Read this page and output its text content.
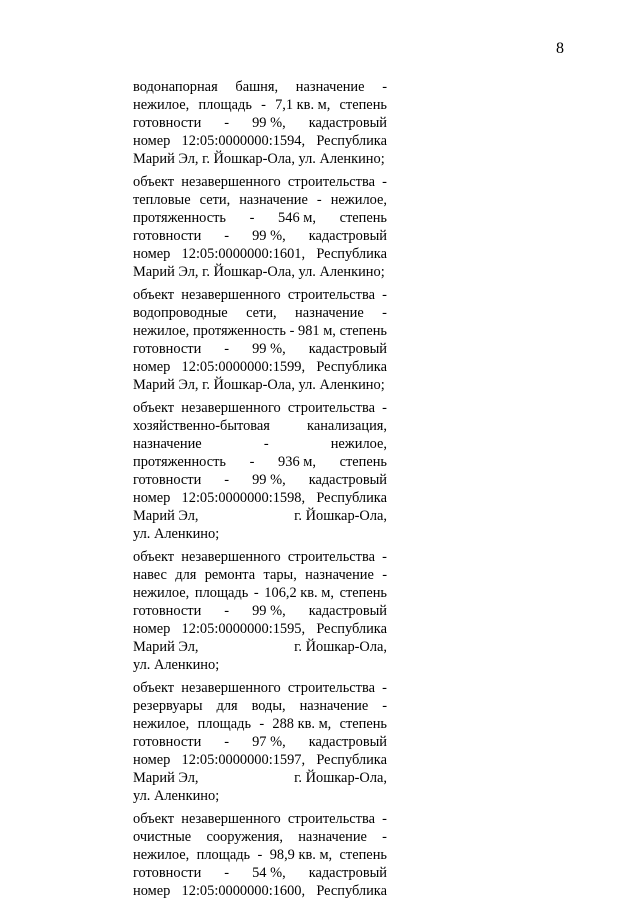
8
водонапорная башня, назначение -
нежилое, площадь - 7,1 кв. м, степень
готовности - 99 %, кадастровый
номер 12:05:0000000:1594, Республика
Марий Эл, г. Йошкар-Ола, ул. Аленкино;
объект незавершенного строительства -
тепловые сети, назначение - нежилое,
протяженность - 546 м, степень
готовности - 99 %, кадастровый
номер 12:05:0000000:1601, Республика
Марий Эл, г. Йошкар-Ола, ул. Аленкино;
объект незавершенного строительства -
водопроводные сети, назначение -
нежилое, протяженность - 981 м, степень
готовности - 99 %, кадастровый
номер 12:05:0000000:1599, Республика
Марий Эл, г. Йошкар-Ола, ул. Аленкино;
объект незавершенного строительства -
хозяйственно-бытовая	канализация,
назначение	-	нежилое,
протяженность - 936 м, степень
готовности - 99 %, кадастровый
номер 12:05:0000000:1598, Республика
Марий Эл,	г. Йошкар-Ола,
ул. Аленкино;
объект незавершенного строительства -
навес для ремонта тары, назначение -
нежилое, площадь - 106,2 кв. м, степень
готовности - 99 %, кадастровый
номер 12:05:0000000:1595, Республика
Марий Эл,	г. Йошкар-Ола,
ул. Аленкино;
объект незавершенного строительства -
резервуары для воды, назначение -
нежилое, площадь - 288 кв. м, степень
готовности - 97 %, кадастровый
номер 12:05:0000000:1597, Республика
Марий Эл,	г. Йошкар-Ола,
ул. Аленкино;
объект незавершенного строительства -
очистные сооружения, назначение -
нежилое, площадь - 98,9 кв. м, степень
готовности - 54 %, кадастровый
номер 12:05:0000000:1600, Республика
